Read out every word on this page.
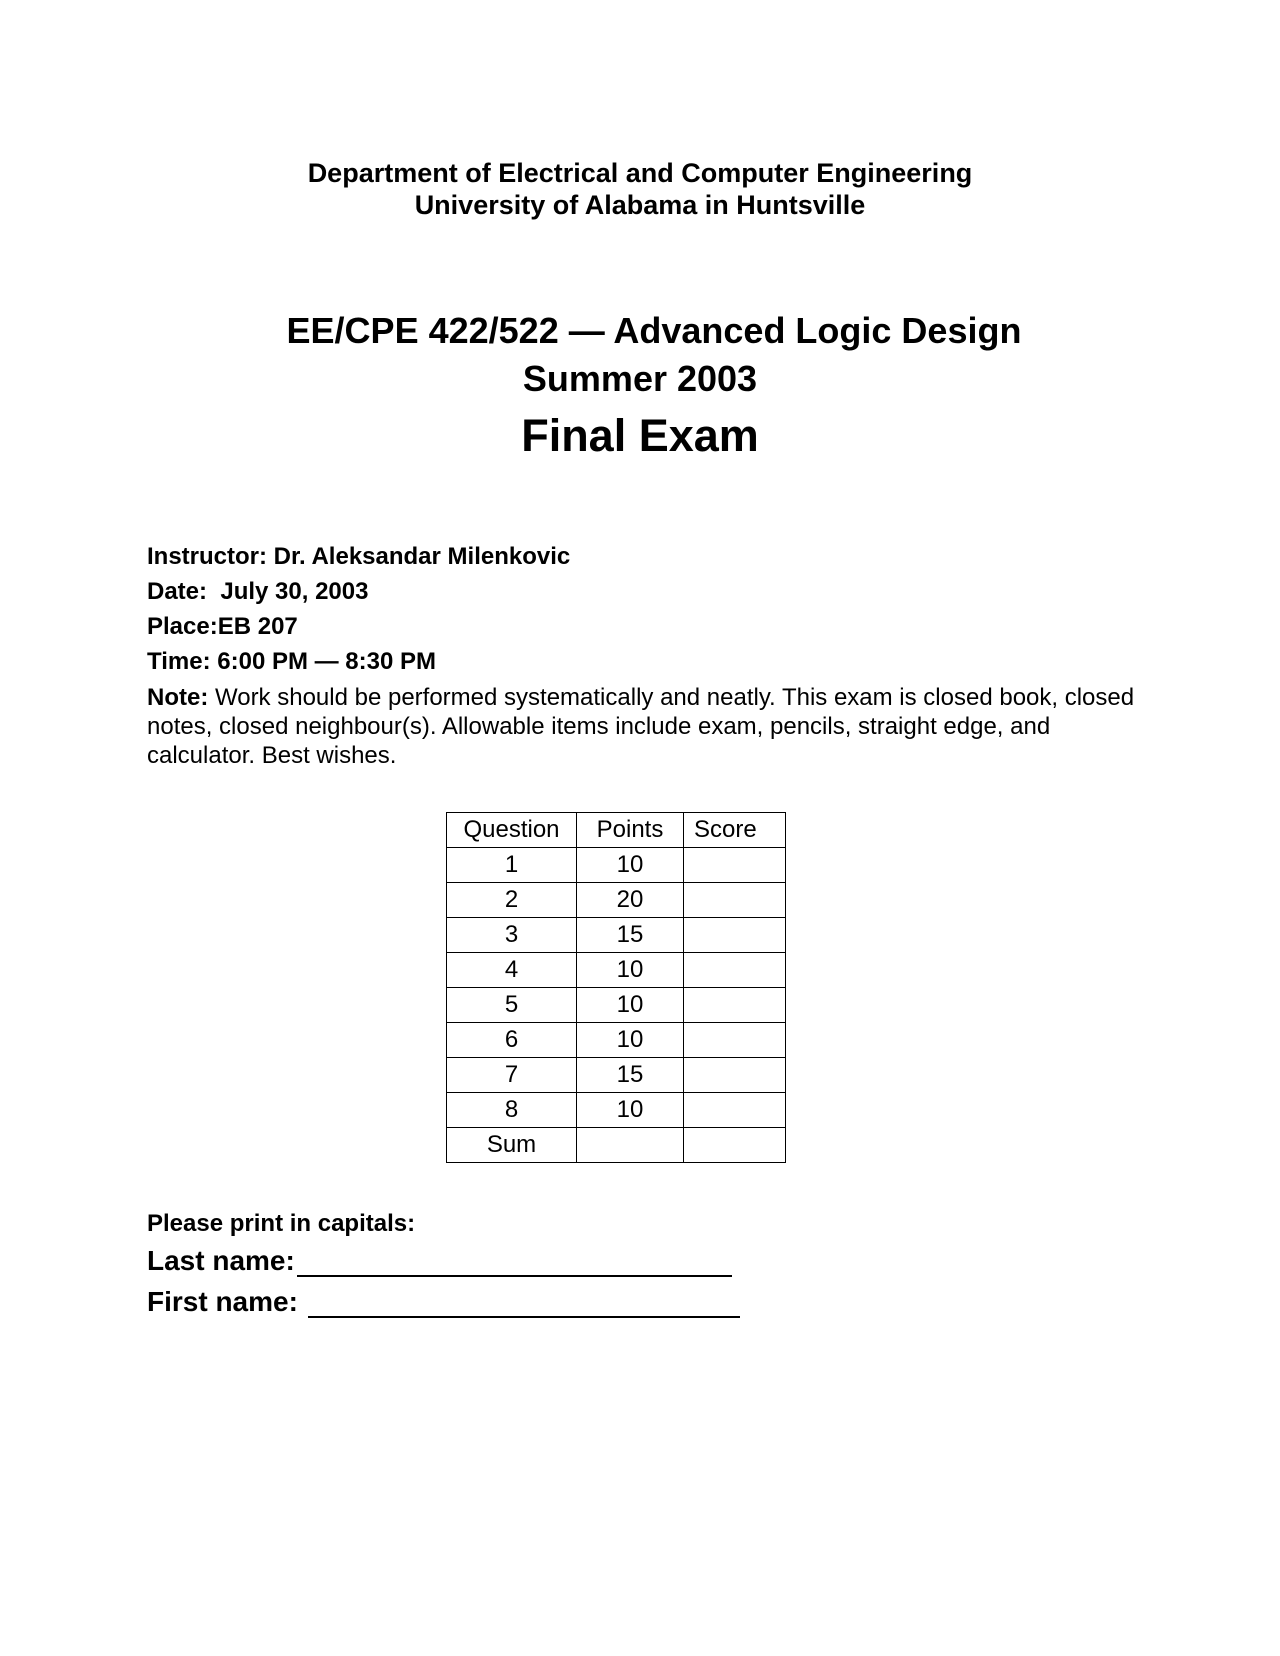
Department of Electrical and Computer Engineering
University of Alabama in Huntsville
EE/CPE 422/522 — Advanced Logic Design
Summer 2003
Final Exam
Instructor: Dr. Aleksandar Milenkovic
Date: July 30, 2003
Place:EB 207
Time: 6:00 PM — 8:30 PM
Note: Work should be performed systematically and neatly. This exam is closed book, closed notes, closed neighbour(s). Allowable items include exam, pencils, straight edge, and calculator. Best wishes.
Question	Points	Score
1	10	
2	20	
3	15	
4	10	
5	10	
6	10	
7	15	
8	10	
Sum		
Please print in capitals:
Last name:
First name:
